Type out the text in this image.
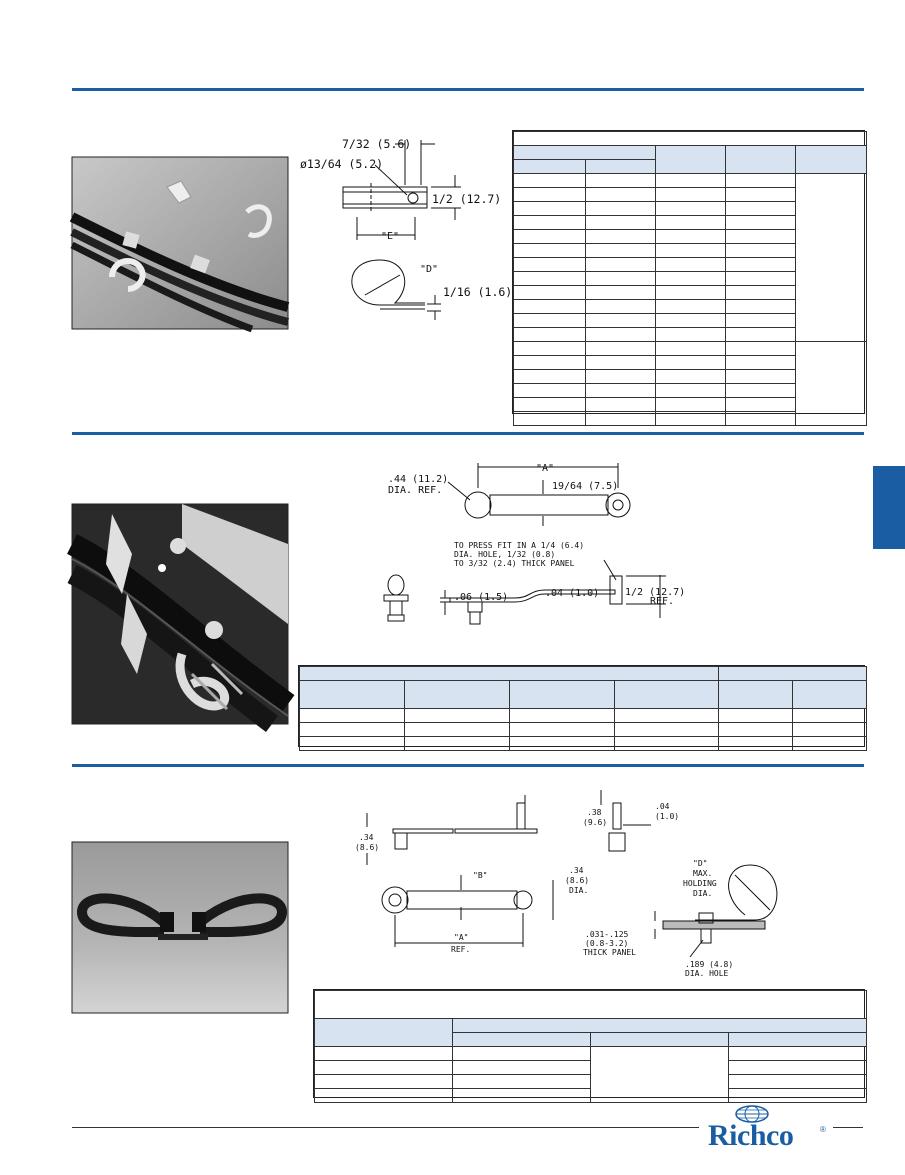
7/32 (5.6)
ø13/64 (5.2)
1/2 (12.7)
"E"
"D"
1/16 (1.6)

.44 (11.2)
DIA. REF.
"A"
19/64 (7.5)
TO PRESS FIT IN A 1/4 (6.4)
DIA. HOLE, 1/32 (0.8)
TO 3/32 (2.4) THICK PANEL
.06 (1.5)	.04 (1.0)	1/2 (12.7)
REF.

.34
(8.6)
.38
(9.6)
.04
(1.0)
"B"
.34
(8.6)
DIA.
"A"
REF.
"D"
MAX.
HOLDING
DIA.
.031-.125
(0.8-3.2)
THICK PANEL
.189 (4.8)
DIA. HOLE

Richco	®
